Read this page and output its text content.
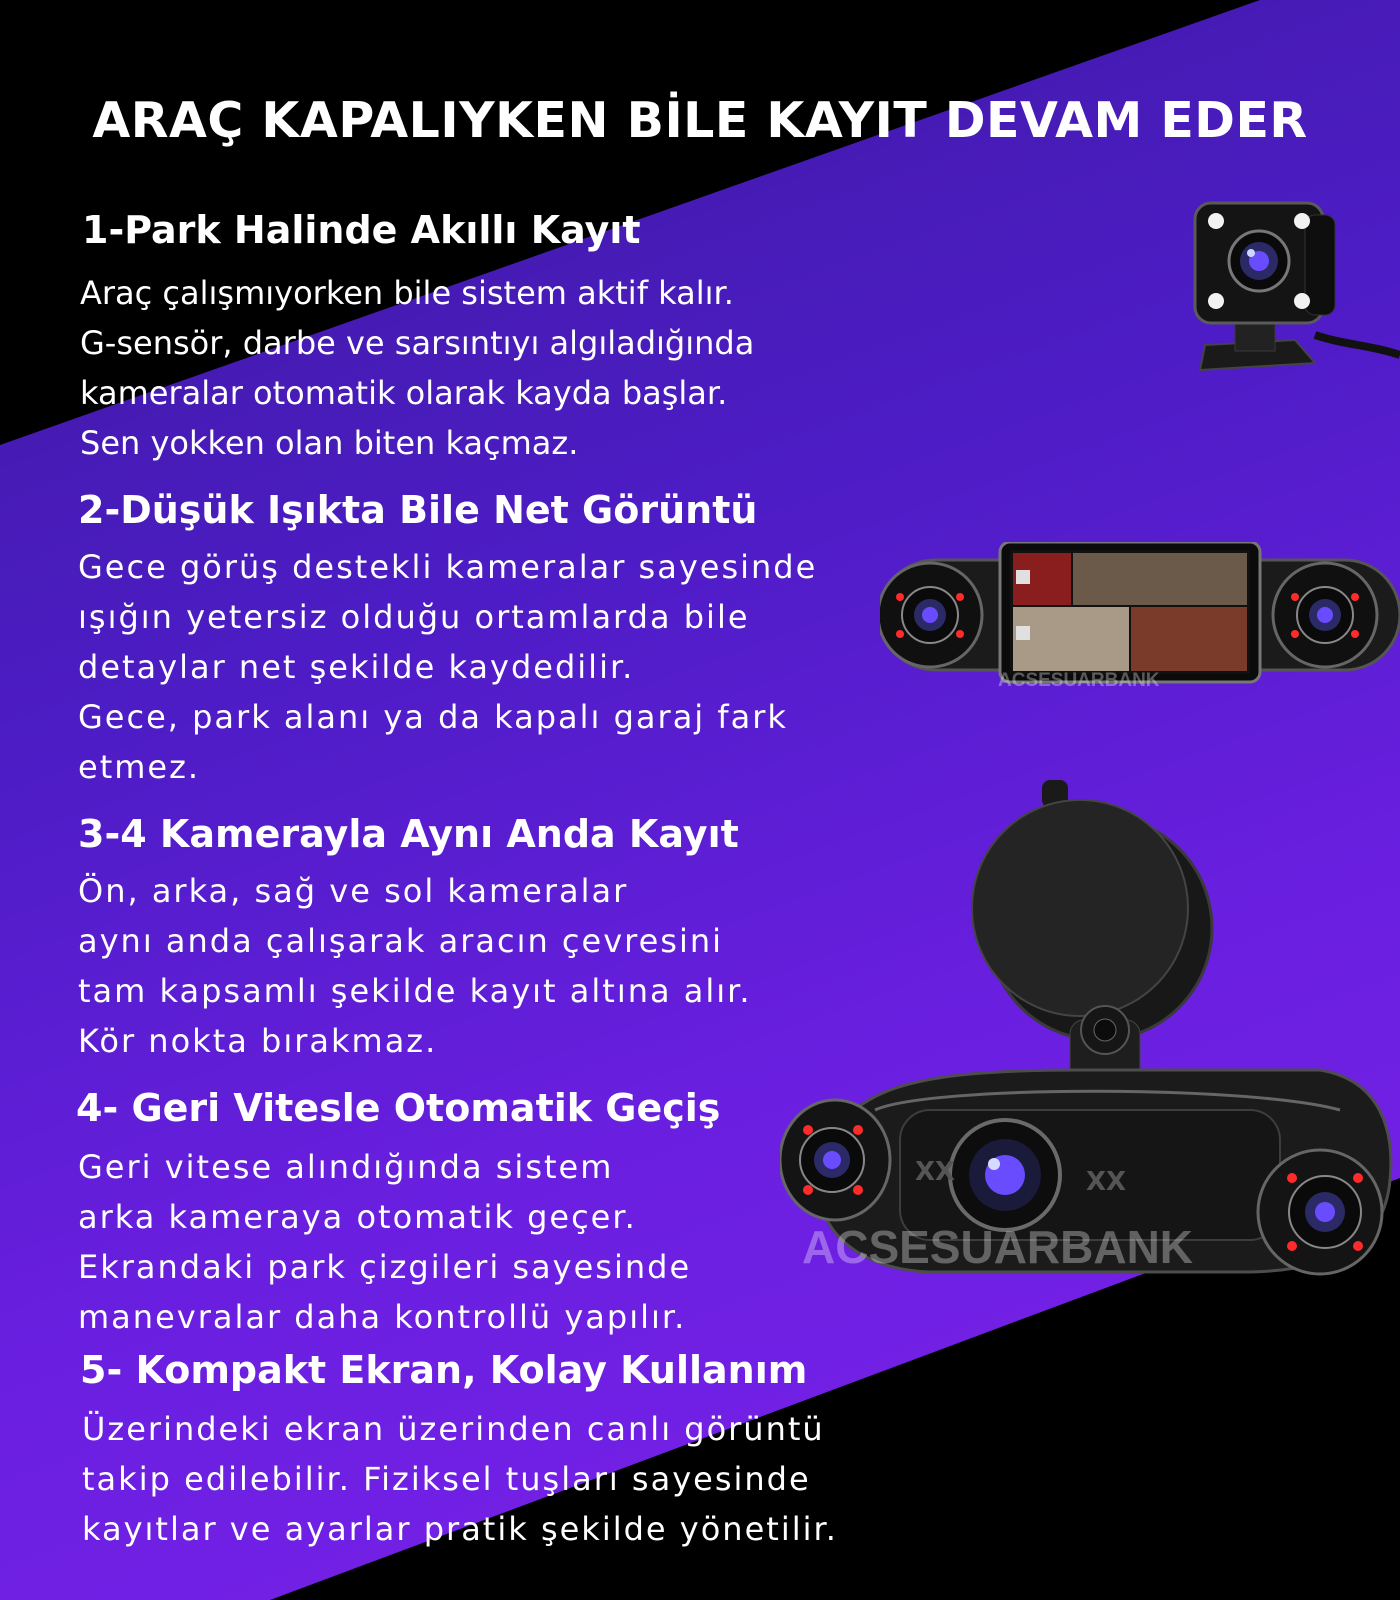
ARAÇ KAPALIYKEN BİLE KAYIT DEVAM EDER
1-Park Halinde Akıllı Kayıt

Araç çalışmıyorken bile sistem aktif kalır.
G-sensör, darbe ve sarsıntıyı algıladığında
kameralar otomatik olarak kayda başlar.
Sen yokken olan biten kaçmaz.

2-Düşük Işıkta Bile Net Görüntü

Gece görüş destekli kameralar sayesinde
ışığın yetersiz olduğu ortamlarda bile
detaylar net şekilde kaydedilir.
Gece, park alanı ya da kapalı garaj fark
etmez.

3-4 Kamerayla Aynı Anda Kayıt

Ön, arka, sağ ve sol kameralar
aynı anda çalışarak aracın çevresini
tam kapsamlı şekilde kayıt altına alır.
Kör nokta bırakmaz.

4- Geri Vitesle Otomatik Geçiş

Geri vitese alındığında sistem
arka kameraya otomatik geçer.
Ekrandaki park çizgileri sayesinde
manevralar daha kontrollü yapılır.

5- Kompakt Ekran, Kolay Kullanım

Üzerindeki ekran üzerinden canlı görüntü
takip edilebilir. Fiziksel tuşları sayesinde
kayıtlar ve ayarlar pratik şekilde yönetilir.

ACSESUARBANK
XX	XX
ACSESUARBANK
